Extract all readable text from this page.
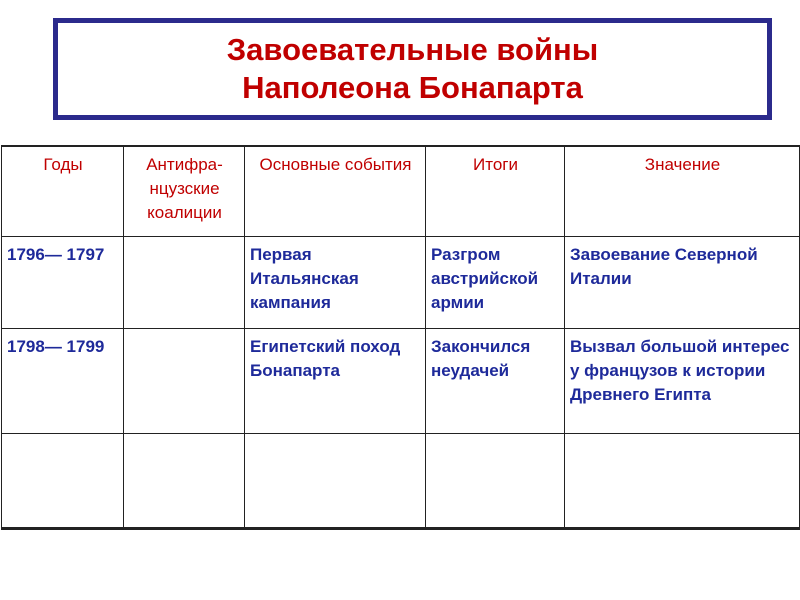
Завоевательные войны
Наполеона Бонапарта
Годы	Антифра-нцузские коалиции	Основные события	Итоги	Значение
1796— 1797		Первая Итальянская кампания	Разгром австрийской армии	Завоевание Северной Италии
1798— 1799		Египетский поход Бонапарта	Закончился неудачей	Вызвал большой интерес у французов к истории Древнего Египта
